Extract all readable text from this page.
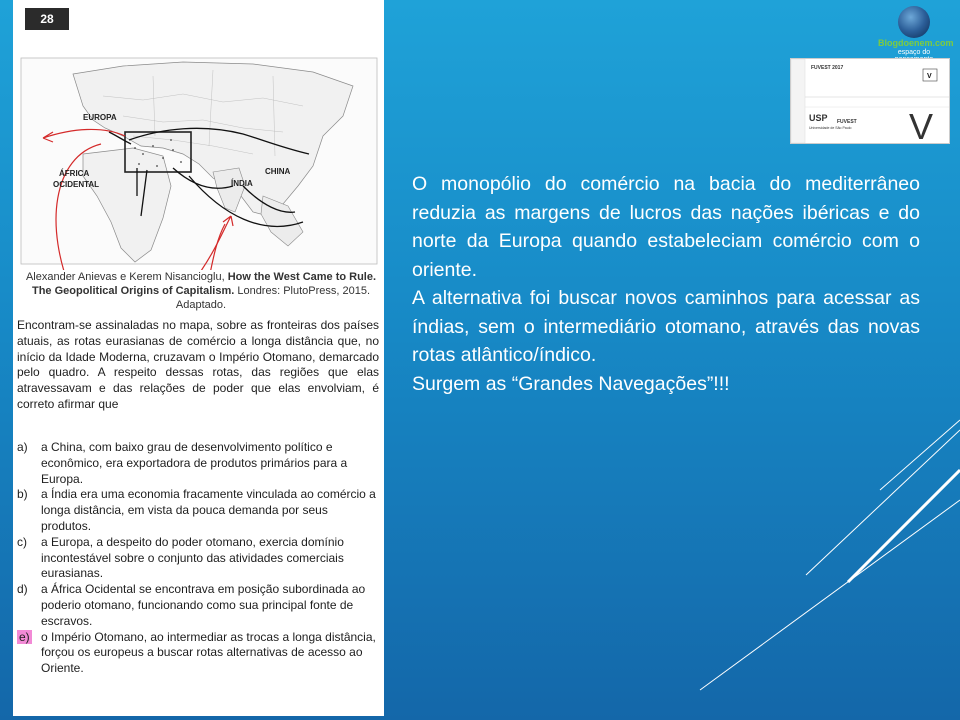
28
EUROPA
ÁFRICA
OCIDENTAL
CHINA
ÍNDIA
Alexander Anievas e Kerem Nisancioglu, How the West Came to Rule.
The Geopolitical Origins of Capitalism. Londres: PlutoPress, 2015. Adaptado.
Encontram-se assinaladas no mapa, sobre as fronteiras dos países atuais, as rotas eurasianas de comércio a longa distância que, no início da Idade Moderna, cruzavam o Império Otomano, demarcado pelo quadro. A respeito dessas rotas, das regiões que elas atravessavam e das relações de poder que elas envolviam, é correto afirmar que
a)	a China, com baixo grau de desenvolvimento político e econômico, era exportadora de produtos primários para a Europa.
b)	a Índia era uma economia fracamente vinculada ao comércio a longa distância, em vista da pouca demanda por seus produtos.
c)	a Europa, a despeito do poder otomano, exercia domínio incontestável sobre o conjunto das atividades comerciais eurasianas.
d)	a África Ocidental se encontrava em posição subordinada ao poderio otomano, funcionando como sua principal fonte de escravos.
e) o Império Otomano, ao intermediar as trocas a longa distância, forçou os europeus a buscar rotas alternativas de acesso ao Oriente.
Blogdoenem.com
espaço do
FUVEST 2017
V
USP
Universidade de São Paulo
FUVEST V

O monopólio do comércio na bacia do mediterrâneo reduzia as margens de lucros das nações ibéricas e do norte da Europa quando estabeleciam comércio com o oriente.

A alternativa foi buscar novos caminhos para acessar as índias, sem o intermediário otomano, através das novas rotas atlântico/índico.

Surgem as “Grandes Navegações”!!!
